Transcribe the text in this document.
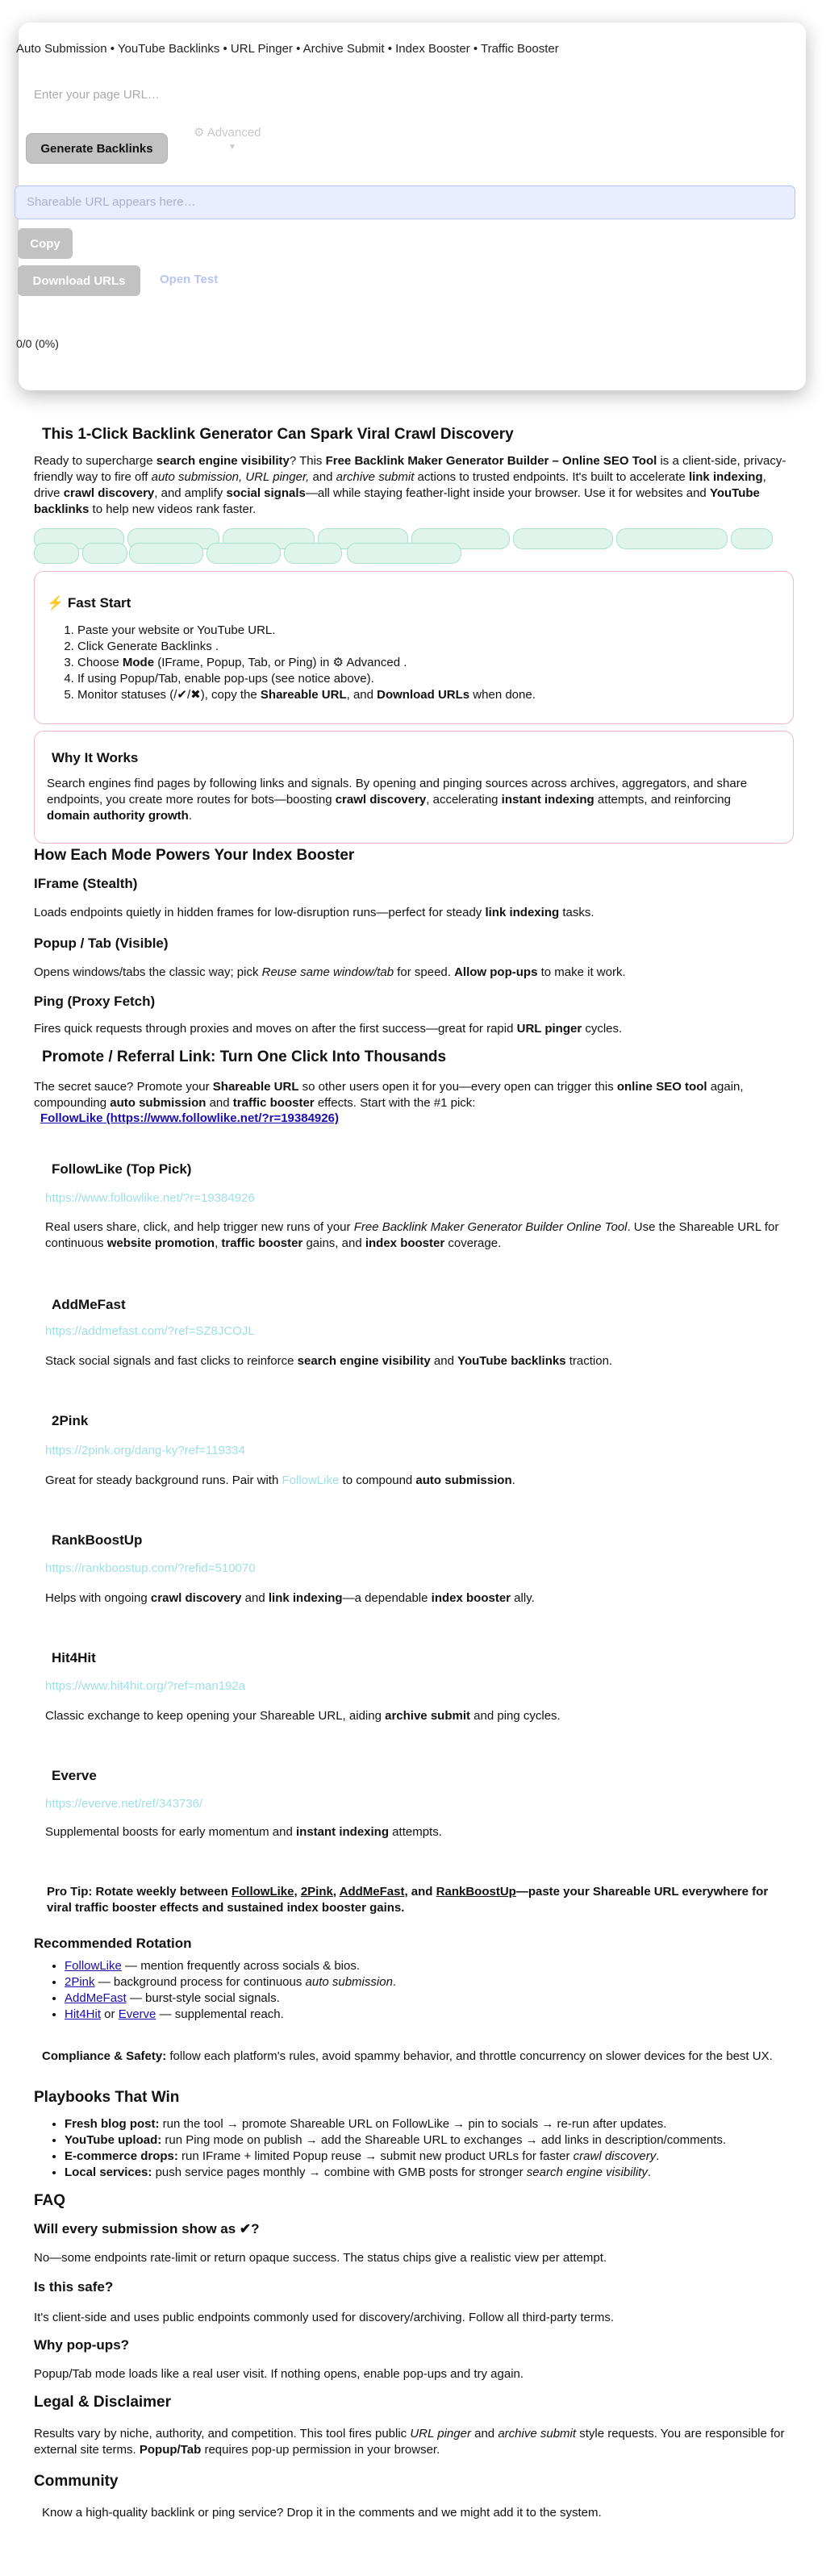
Auto Submission • YouTube Backlinks • URL Pinger • Archive Submit • Index Booster • Traffic Booster
Enter your page URL…
Generate Backlinks
⚙ Advanced
▼
Shareable URL appears here…
Copy
Download URLs	Open Test
0/0 (0%)
This 1-Click Backlink Generator Can Spark Viral Crawl Discovery

Ready to supercharge search engine visibility? This Free Backlink Maker Generator Builder – Online SEO Tool is a client-side, privacy-friendly way to fire off auto submission, URL pinger, and archive submit actions to trusted endpoints. It's built to accelerate link indexing, drive crawl discovery, and amplify social signals—all while staying feather-light inside your browser. Use it for websites and YouTube backlinks to help new videos rank faster.

⚡ Fast Start
1. Paste your website or YouTube URL.
2. Click Generate Backlinks .
3. Choose Mode (IFrame, Popup, Tab, or Ping) in ⚙ Advanced .
4. If using Popup/Tab, enable pop-ups (see notice above).
5. Monitor statuses (/✔/✖), copy the Shareable URL, and Download URLs when done.
Why It Works

Search engines find pages by following links and signals. By opening and pinging sources across archives, aggregators, and share endpoints, you create more routes for bots—boosting crawl discovery, accelerating instant indexing attempts, and reinforcing domain authority growth.

How Each Mode Powers Your Index Booster
IFrame (Stealth)

Loads endpoints quietly in hidden frames for low-disruption runs—perfect for steady link indexing tasks.

Popup / Tab (Visible)

Opens windows/tabs the classic way; pick Reuse same window/tab for speed. Allow pop-ups to make it work.

Ping (Proxy Fetch)

Fires quick requests through proxies and moves on after the first success—great for rapid URL pinger cycles.

Promote / Referral Link: Turn One Click Into Thousands

The secret sauce? Promote your Shareable URL so other users open it for you—every open can trigger this online SEO tool again, compounding auto submission and traffic booster effects. Start with the #1 pick:

FollowLike (https://www.followlike.net/?r=19384926)
FollowLike (Top Pick)
https://www.followlike.net/?r=19384926

Real users share, click, and help trigger new runs of your Free Backlink Maker Generator Builder Online Tool. Use the Shareable URL for continuous website promotion, traffic booster gains, and index booster coverage.

AddMeFast
https://addmefast.com/?ref=SZ8JCOJL

Stack social signals and fast clicks to reinforce search engine visibility and YouTube backlinks traction.

2Pink
https://2pink.org/dang-ky?ref=119334

Great for steady background runs. Pair with FollowLike to compound auto submission.

RankBoostUp
https://rankboostup.com/?refid=510070

Helps with ongoing crawl discovery and link indexing—a dependable index booster ally.

Hit4Hit
https://www.hit4hit.org/?ref=man192a

Classic exchange to keep opening your Shareable URL, aiding archive submit and ping cycles.

Everve
https://everve.net/ref/343736/

Supplemental boosts for early momentum and instant indexing attempts.

Pro Tip: Rotate weekly between FollowLike, 2Pink, AddMeFast, and RankBoostUp—paste your Shareable URL everywhere for viral traffic booster effects and sustained index booster gains.

Recommended Rotation
• FollowLike — mention frequently across socials & bios.
• 2Pink — background process for continuous auto submission.
• AddMeFast — burst-style social signals.
• Hit4Hit or Everve — supplemental reach.

Compliance & Safety: follow each platform's rules, avoid spammy behavior, and throttle concurrency on slower devices for the best UX.

Playbooks That Win
• Fresh blog post: run the tool → promote Shareable URL on FollowLike → pin to socials → re-run after updates.
• YouTube upload: run Ping mode on publish → add the Shareable URL to exchanges → add links in description/comments.
• E-commerce drops: run IFrame + limited Popup reuse → submit new product URLs for faster crawl discovery.
• Local services: push service pages monthly → combine with GMB posts for stronger search engine visibility.
FAQ
Will every submission show as ✔?

No—some endpoints rate-limit or return opaque success. The status chips give a realistic view per attempt.

Is this safe?

It's client-side and uses public endpoints commonly used for discovery/archiving. Follow all third-party terms.

Why pop-ups?

Popup/Tab mode loads like a real user visit. If nothing opens, enable pop-ups and try again.

Legal & Disclaimer

Results vary by niche, authority, and competition. This tool fires public URL pinger and archive submit style requests. You are responsible for external site terms. Popup/Tab requires pop-up permission in your browser.

Community

Know a high-quality backlink or ping service? Drop it in the comments and we might add it to the system.
